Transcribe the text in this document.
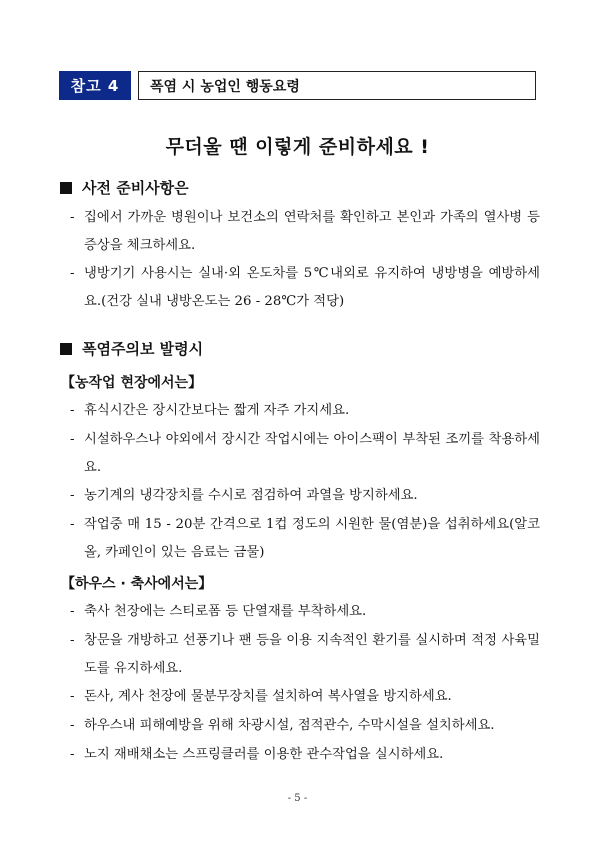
참고 4	폭염 시 농업인 행동요령
무더울 땐 이렇게 준비하세요 !
사전 준비사항은
- 집에서 가까운 병원이나 보건소의 연락처를 확인하고 본인과 가족의 열사병 등 증상을 체크하세요.
- 냉방기기 사용시는 실내·외 온도차를 5℃내외로 유지하여 냉방병을 예방하세요.(건강 실내 냉방온도는 26 - 28℃가 적당)
폭염주의보 발령시
【농작업 현장에서는】
- 휴식시간은 장시간보다는 짧게 자주 가지세요.
- 시설하우스나 야외에서 장시간 작업시에는 아이스팩이 부착된 조끼를 착용하세요.
- 농기계의 냉각장치를 수시로 점검하여 과열을 방지하세요.
- 작업중 매 15 - 20분 간격으로 1컵 정도의 시원한 물(염분)을 섭취하세요(알코올, 카페인이 있는 음료는 금물)
【하우스 · 축사에서는】
- 축사 천장에는 스티로폼 등 단열재를 부착하세요.
- 창문을 개방하고 선풍기나 팬 등을 이용 지속적인 환기를 실시하며 적정 사육밀도를 유지하세요.
- 돈사, 계사 천장에 물분무장치를 설치하여 복사열을 방지하세요.
- 하우스내 피해예방을 위해 차광시설, 점적관수, 수막시설을 설치하세요.
- 노지 재배채소는 스프링클러를 이용한 관수작업을 실시하세요.
- 5 -
